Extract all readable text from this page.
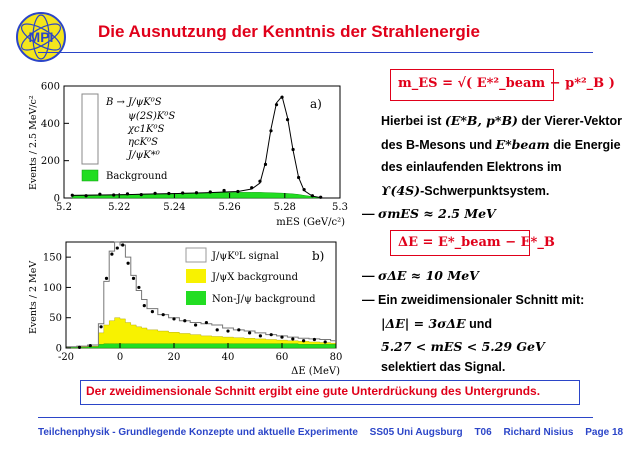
MPI	Die Ausnutzung der Kenntnis der Strahlenergie
5.2	5.22	5.24	5.26	5.28	5.3
0
200
400
600
B → J/ψK⁰S
ψ(2S)K⁰S
χc1K⁰S
ηcK⁰S
J/ψK*⁰
Background
a)
mES (GeV/c²)
Events / 2.5 MeV/c²
-20	0	20	40	60	80
0
50
100
150	J/ψK⁰L signal
J/ψX background
Non-J/ψ background
b)
ΔE (MeV)
Events / 2 MeV
m_ES = √( E*²_beam − p*²_B )
Hierbei ist (E*B, p*B) der Vierer-Vektor
des B-Mesons und E*beam die Energie
des einlaufenden Elektrons im
ϒ(4S)-Schwerpunktsystem.
— σmES ≈ 2.5 MeV
ΔE = E*_beam − E*_B
— σΔE ≈ 10 MeV
— Ein zweidimensionaler Schnitt mit:
|ΔE| = 3σΔE und
5.27 < mES < 5.29 GeV
selektiert das Signal.
Der zweidimensionale Schnitt ergibt eine gute Unterdrückung des Untergrunds.
Teilchenphysik - Grundlegende Konzepte und aktuelle Experimente SS05 Uni Augsburg T06 Richard Nisius Page 18
